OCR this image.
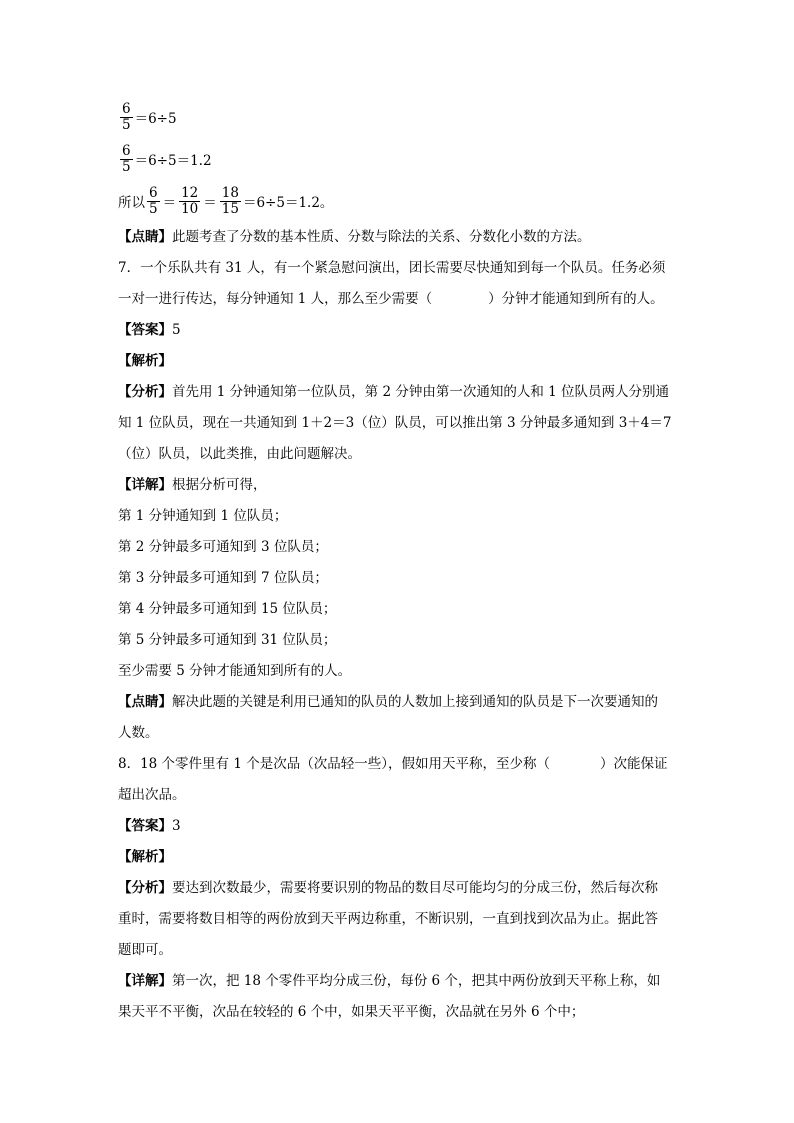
$\frac{6}{5} =6\div 5$
$\frac{6}{5} =6\div 5=1.2$
所以 $\frac{6}{5} = \frac{12}{10} = \frac{18}{15} =6\div 5=1.2$。
【点睛】此题考查了分数的基本性质、分数与除法的关系、分数化小数的方法。
7．一个乐队共有 31 人，有一个紧急慰问演出，团长需要尽快通知到每一个队员。任务必须
一对一进行传达，每分钟通知 1 人，那么至少需要（	）分钟才能通知到所有的人。
【答案】5
【解析】
【分析】首先用 1 分钟通知第一位队员，第 2 分钟由第一次通知的人和 1 位队员两人分别通
知 1 位队员，现在一共通知到 1＋2＝3（位）队员，可以推出第 3 分钟最多通知到 3＋4＝7
（位）队员，以此类推，由此问题解决。
【详解】根据分析可得，
第 1 分钟通知到 1 位队员；
第 2 分钟最多可通知到 3 位队员；
第 3 分钟最多可通知到 7 位队员；
第 4 分钟最多可通知到 15 位队员；
第 5 分钟最多可通知到 31 位队员；
至少需要 5 分钟才能通知到所有的人。
【点睛】解决此题的关键是利用已通知的队员的人数加上接到通知的队员是下一次要通知的
人数。
8．18 个零件里有 1 个是次品（次品轻一些），假如用天平称，至少称（	）次能保证
超出次品。
【答案】3
【解析】
【分析】要达到次数最少，需要将要识别的物品的数目尽可能均匀的分成三份，然后每次称
重时，需要将数目相等的两份放到天平两边称重，不断识别，一直到找到次品为止。据此答
题即可。
【详解】第一次，把 18 个零件平均分成三份，每份 6 个，把其中两份放到天平称上称，如
果天平不平衡，次品在较轻的 6 个中，如果天平平衡，次品就在另外 6 个中；
